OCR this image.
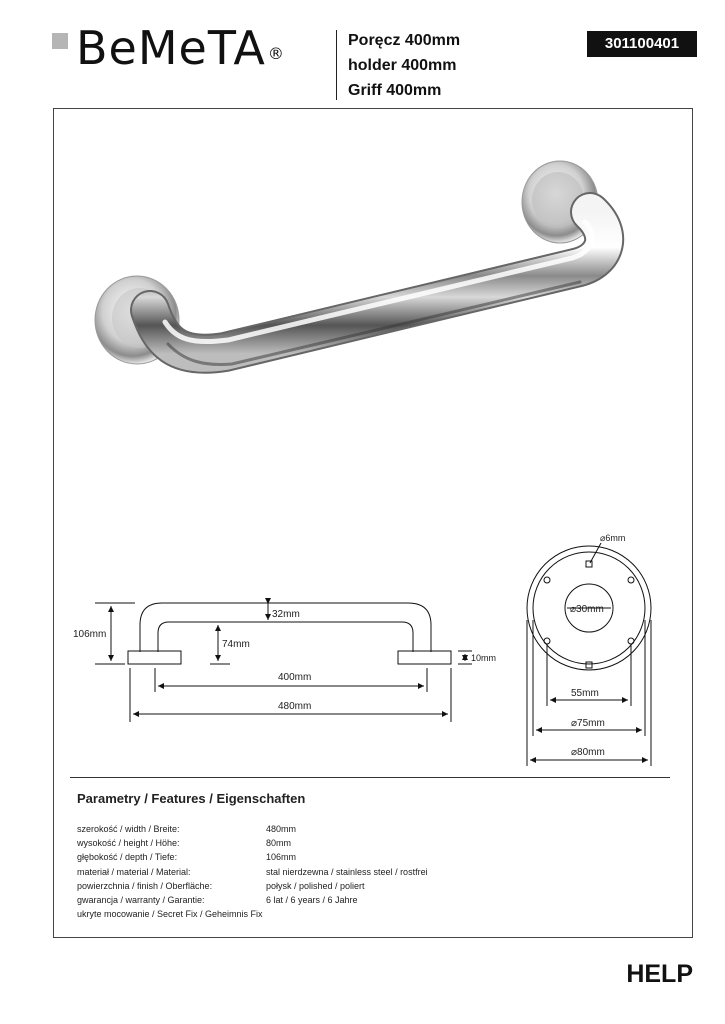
BeMeTA ®
Poręcz 400mm
holder 400mm
Griff 400mm
301100401
32mm
106mm
74mm
10mm
400mm
480mm
⌀6mm
⌀30mm
55mm
⌀75mm
⌀80mm
Parametry / Features / Eigenschaften
szerokość / width / Breite:	480mm
wysokość / height / Höhe:	80mm
głębokość / depth / Tiefe:	106mm
materiał / material / Material:	stal nierdzewna / stainless steel / rostfrei
powierzchnia / finish / Oberfläche:	połysk / polished / poliert
gwarancja / warranty / Garantie:	6 lat / 6 years / 6 Jahre
ukryte mocowanie / Secret Fix / Geheimnis Fix
HELP
